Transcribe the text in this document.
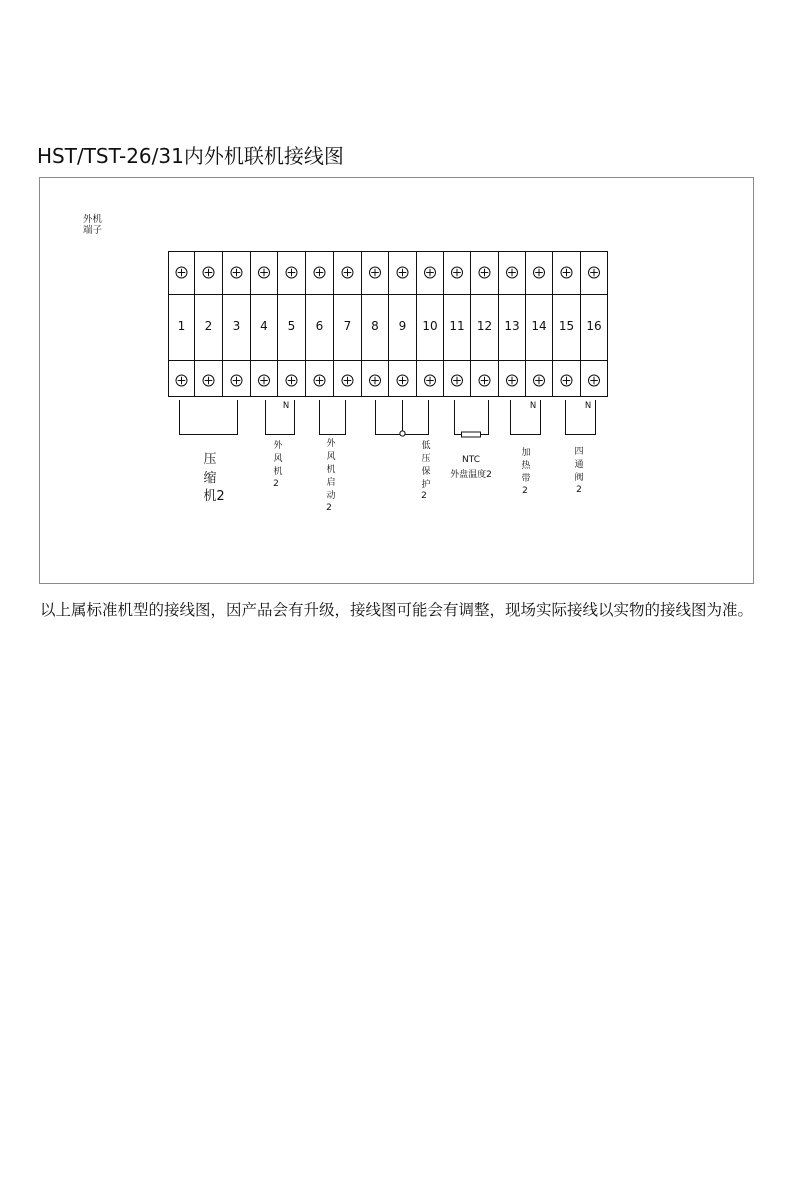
HST/TST-26/31内外机联机接线图
外机
端子
1 2 3 4 5 6 7 8 9 10 11 12 13 14 15 16
N	N	N
压
缩
机2
外
风
机
2
外
风
机
启
动
2
低
压
保
护
2
NTC
外盘温度2
加
热
带
2
四
通
阀
2
以上属标准机型的接线图，因产品会有升级，接线图可能会有调整，现场实际接线以实物的接线图为准。
